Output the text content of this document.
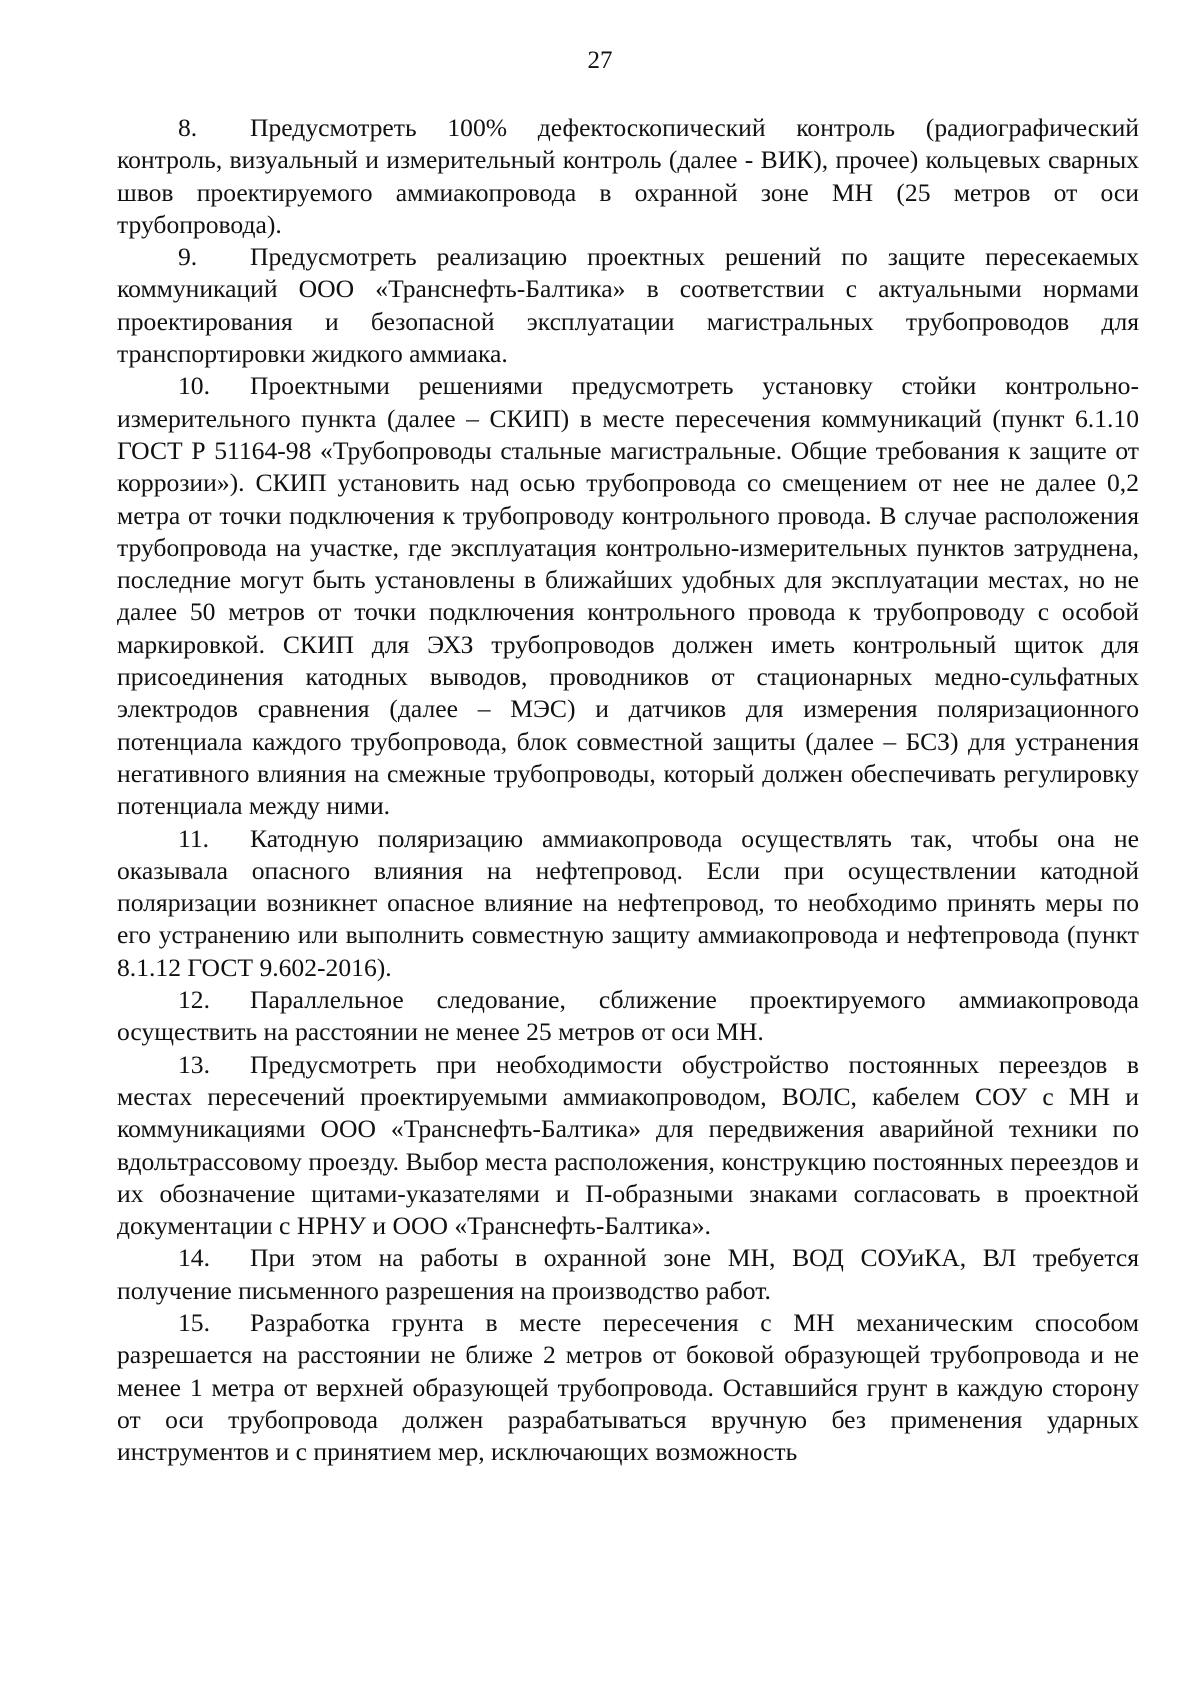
27

8. Предусмотреть 100% дефектоскопический контроль (радиографический контроль, визуальный и измерительный контроль (далее - ВИК), прочее) кольцевых сварных швов проектируемого аммиакопровода в охранной зоне МН (25 метров от оси трубопровода).

9. Предусмотреть реализацию проектных решений по защите пересекаемых коммуникаций ООО «Транснефть-Балтика» в соответствии с актуальными нормами проектирования и безопасной эксплуатации магистральных трубопроводов для транспортировки жидкого аммиака.

10. Проектными решениями предусмотреть установку стойки контрольно-измерительного пункта (далее – СКИП) в месте пересечения коммуникаций (пункт 6.1.10 ГОСТ Р 51164-98 «Трубопроводы стальные магистральные. Общие требования к защите от коррозии»). СКИП установить над осью трубопровода со смещением от нее не далее 0,2 метра от точки подключения к трубопроводу контрольного провода. В случае расположения трубопровода на участке, где эксплуатация контрольно-измерительных пунктов затруднена, последние могут быть установлены в ближайших удобных для эксплуатации местах, но не далее 50 метров от точки подключения контрольного провода к трубопроводу с особой маркировкой. СКИП для ЭХЗ трубопроводов должен иметь контрольный щиток для присоединения катодных выводов, проводников от стационарных медно-сульфатных электродов сравнения (далее – МЭС) и датчиков для измерения поляризационного потенциала каждого трубопровода, блок совместной защиты (далее – БСЗ) для устранения негативного влияния на смежные трубопроводы, который должен обеспечивать регулировку потенциала между ними.

11. Катодную поляризацию аммиакопровода осуществлять так, чтобы она не оказывала опасного влияния на нефтепровод. Если при осуществлении катодной поляризации возникнет опасное влияние на нефтепровод, то необходимо принять меры по его устранению или выполнить совместную защиту аммиакопровода и нефтепровода (пункт 8.1.12 ГОСТ 9.602-2016).

12. Параллельное следование, сближение проектируемого аммиакопровода осуществить на расстоянии не менее 25 метров от оси МН.

13. Предусмотреть при необходимости обустройство постоянных переездов в местах пересечений проектируемыми аммиакопроводом, ВОЛС, кабелем СОУ с МН и коммуникациями ООО «Транснефть-Балтика» для передвижения аварийной техники по вдольтрассовому проезду. Выбор места расположения, конструкцию постоянных переездов и их обозначение щитами-указателями и П-образными знаками согласовать в проектной документации с НРНУ и ООО «Транснефть-Балтика».

14. При этом на работы в охранной зоне МН, ВОД СОУиКА, ВЛ требуется получение письменного разрешения на производство работ.

15. Разработка грунта в месте пересечения с МН механическим способом разрешается на расстоянии не ближе 2 метров от боковой образующей трубопровода и не менее 1 метра от верхней образующей трубопровода. Оставшийся грунт в каждую сторону от оси трубопровода должен разрабатываться вручную без применения ударных инструментов и с принятием мер, исключающих возможность
